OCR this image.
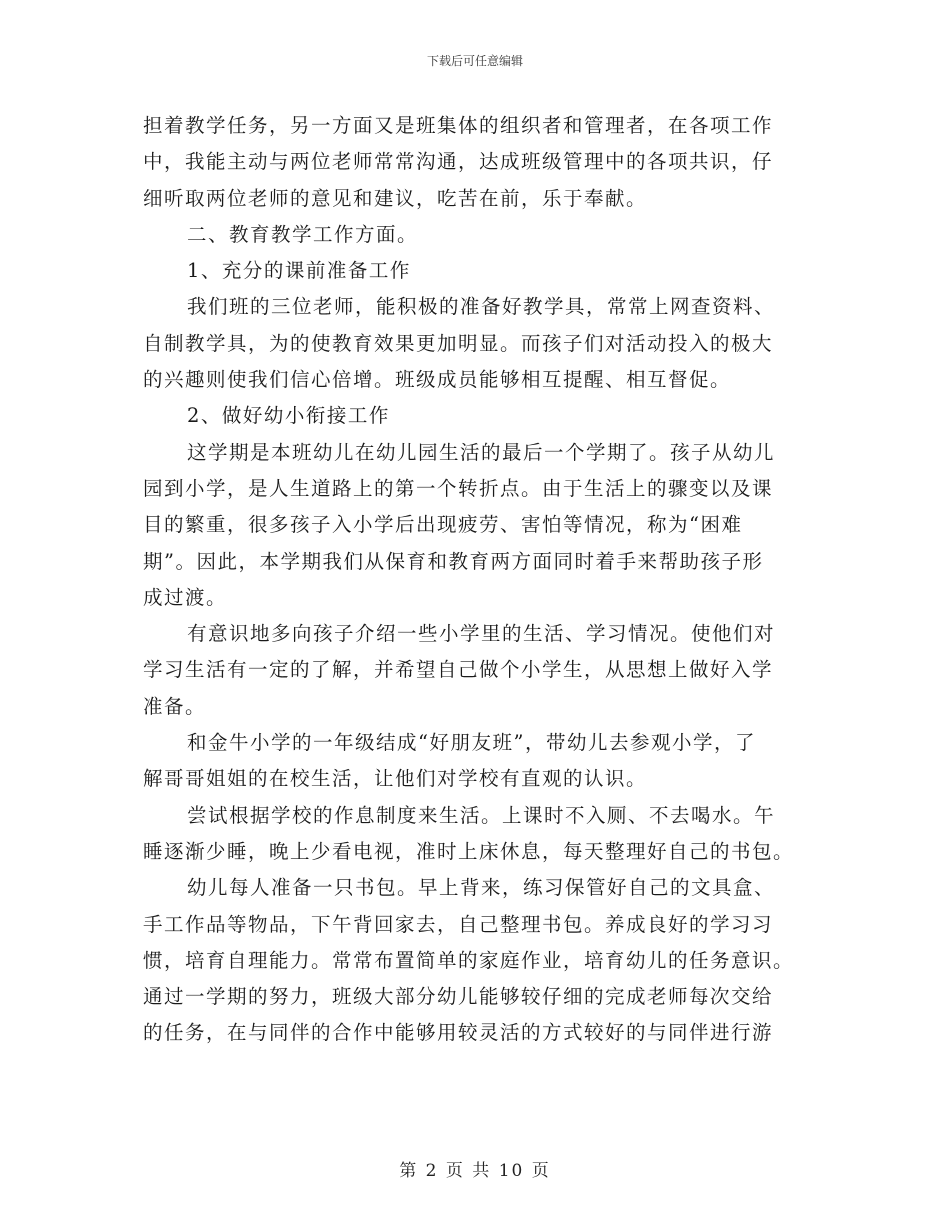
下载后可任意编辑
担着教学任务，另一方面又是班集体的组织者和管理者，在各项工作
中，我能主动与两位老师常常沟通，达成班级管理中的各项共识，仔
细听取两位老师的意见和建议，吃苦在前，乐于奉献。
二、教育教学工作方面。
1、充分的课前准备工作
我们班的三位老师，能积极的准备好教学具，常常上网查资料、
自制教学具，为的使教育效果更加明显。而孩子们对活动投入的极大
的兴趣则使我们信心倍增。班级成员能够相互提醒、相互督促。
2、做好幼小衔接工作
这学期是本班幼儿在幼儿园生活的最后一个学期了。孩子从幼儿
园到小学，是人生道路上的第一个转折点。由于生活上的骤变以及课
目的繁重，很多孩子入小学后出现疲劳、害怕等情况，称为“困难
期”。因此，本学期我们从保育和教育两方面同时着手来帮助孩子形
成过渡。
有意识地多向孩子介绍一些小学里的生活、学习情况。使他们对
学习生活有一定的了解，并希望自己做个小学生，从思想上做好入学
准备。
和金牛小学的一年级结成“好朋友班”，带幼儿去参观小学，了
解哥哥姐姐的在校生活，让他们对学校有直观的认识。
尝试根据学校的作息制度来生活。上课时不入厕、不去喝水。午
睡逐渐少睡，晚上少看电视，准时上床休息，每天整理好自己的书包。
幼儿每人准备一只书包。早上背来，练习保管好自己的文具盒、
手工作品等物品，下午背回家去，自己整理书包。养成良好的学习习
惯，培育自理能力。常常布置简单的家庭作业，培育幼儿的任务意识。
通过一学期的努力，班级大部分幼儿能够较仔细的完成老师每次交给
的任务，在与同伴的合作中能够用较灵活的方式较好的与同伴进行游
第 2 页 共 10 页
